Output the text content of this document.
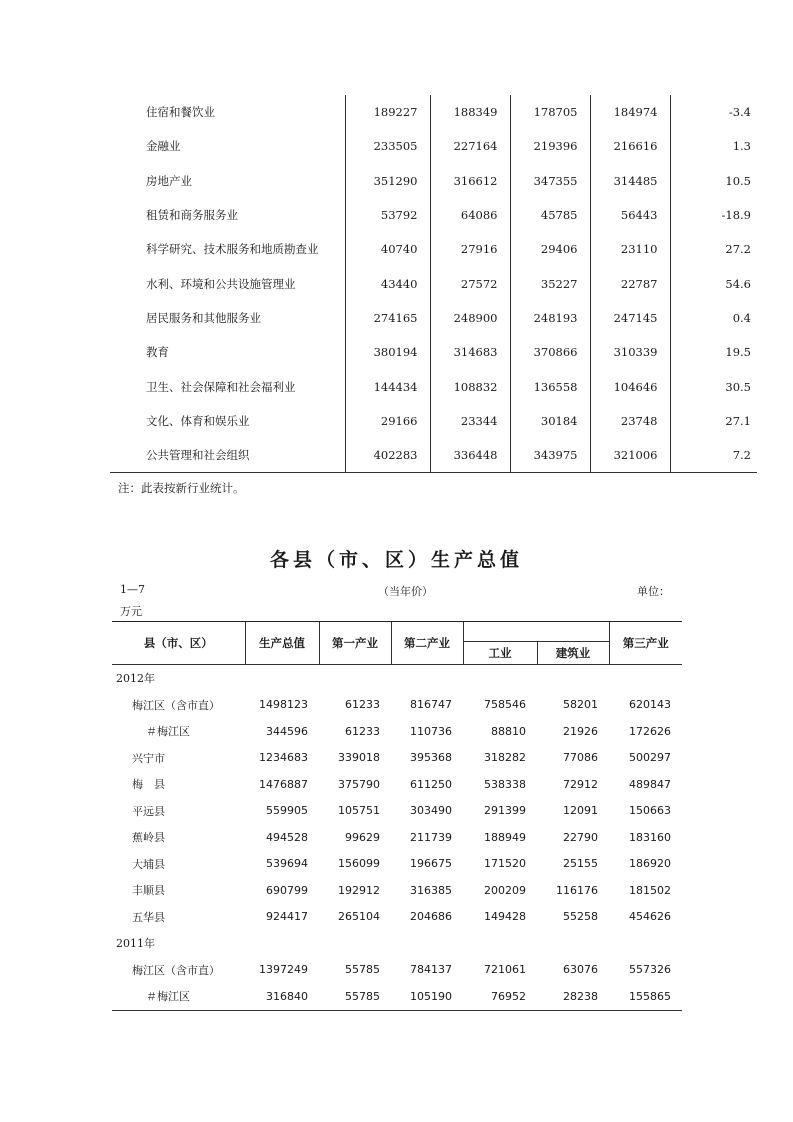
住宿和餐饮业	189227	188349	178705	184974	-3.4
金融业	233505	227164	219396	216616	1.3
房地产业	351290	316612	347355	314485	10.5
租赁和商务服务业	53792	64086	45785	56443	-18.9
科学研究、技术服务和地质勘查业	40740	27916	29406	23110	27.2
水利、环境和公共设施管理业	43440	27572	35227	22787	54.6
居民服务和其他服务业	274165	248900	248193	247145	0.4
教育	380194	314683	370866	310339	19.5
卫生、社会保障和社会福利业	144434	108832	136558	104646	30.5
文化、体育和娱乐业	29166	23344	30184	23748	27.1
公共管理和社会组织	402283	336448	343975	321006	7.2
注：此表按新行业统计。
各县（市、区）生产总值
1—7	（当年价）	单位：
万元
县（市、区）	生产总值	第一产业	第二产业			第三产业
				工业	建筑业	
2012年						
梅江区（含市直）	1498123	61233	816747	758546	58201	620143
＃梅江区	344596	61233	110736	88810	21926	172626
兴宁市	1234683	339018	395368	318282	77086	500297
梅　县	1476887	375790	611250	538338	72912	489847
平远县	559905	105751	303490	291399	12091	150663
蕉岭县	494528	99629	211739	188949	22790	183160
大埔县	539694	156099	196675	171520	25155	186920
丰顺县	690799	192912	316385	200209	116176	181502
五华县	924417	265104	204686	149428	55258	454626
2011年						
梅江区（含市直）	1397249	55785	784137	721061	63076	557326
＃梅江区	316840	55785	105190	76952	28238	155865
